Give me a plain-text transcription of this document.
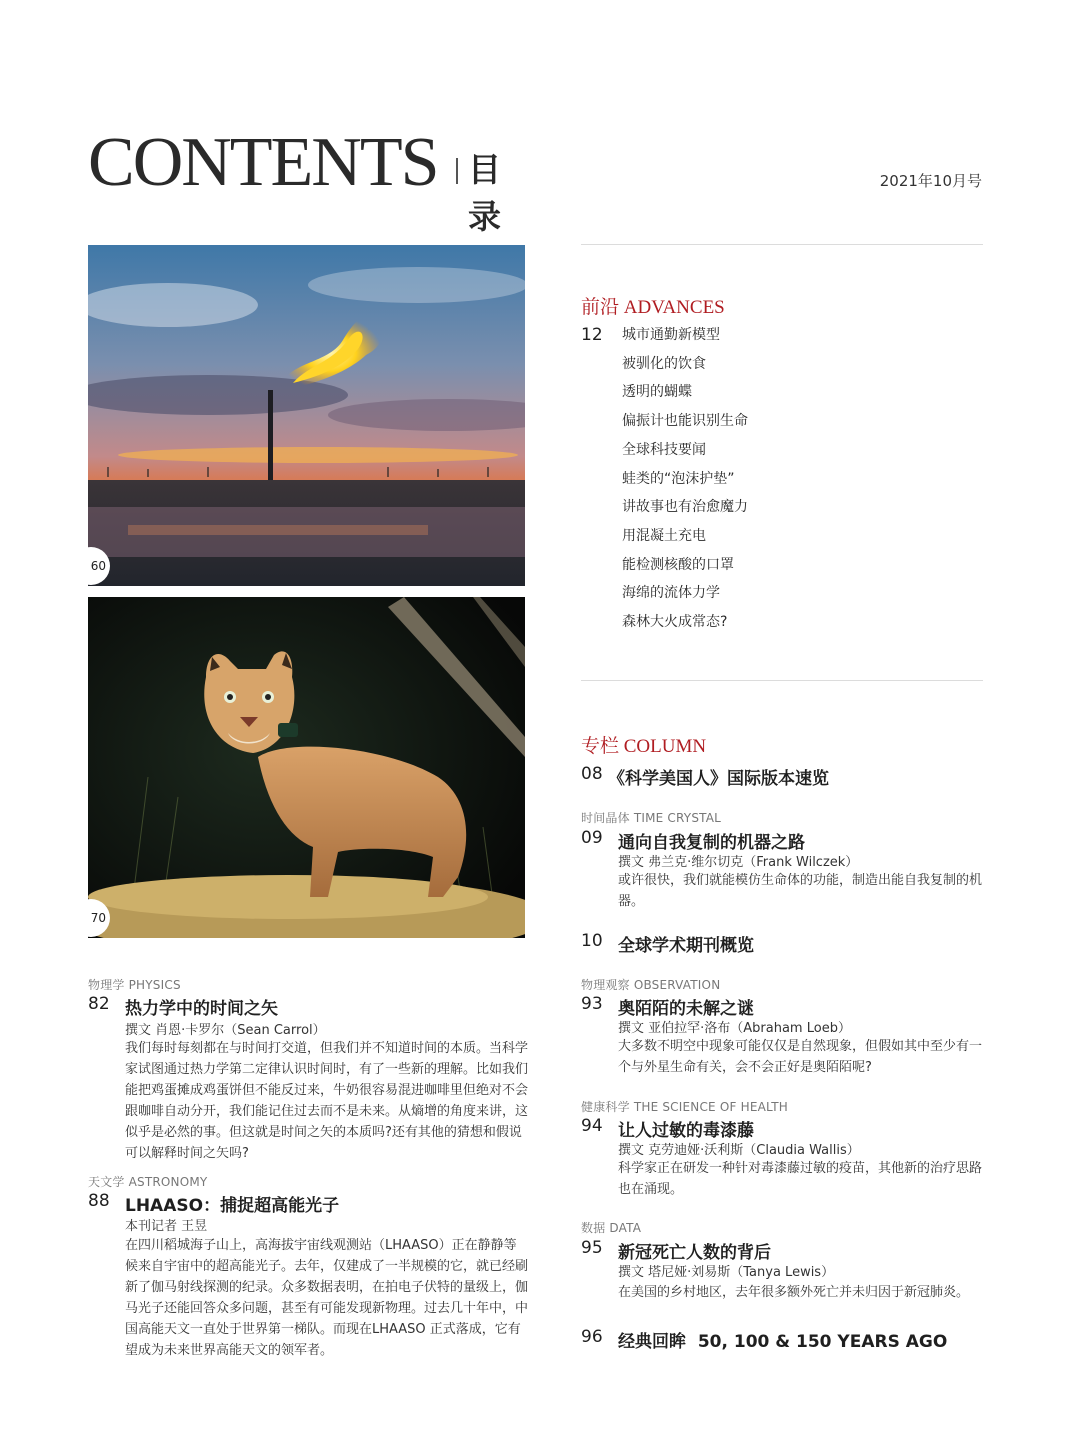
CONTENTS 目录
2021年10月号
60
70
前沿 ADVANCES
12 城市通勤新模型
被驯化的饮食
透明的蝴蝶
偏振计也能识别生命
全球科技要闻
蛙类的“泡沫护垫”
讲故事也有治愈魔力
用混凝土充电
能检测核酸的口罩
海绵的流体力学
森林大火成常态?
专栏 COLUMN
08 《科学美国人》国际版本速览
时间晶体 TIME CRYSTAL
09 通向自我复制的机器之路
撰文 弗兰克·维尔切克（Frank Wilczek）
或许很快，我们就能模仿生命体的功能，制造出能自我复制的机器。
10 全球学术期刊概览
物理观察 OBSERVATION
93 奥陌陌的未解之谜
撰文 亚伯拉罕·洛布（Abraham Loeb）
大多数不明空中现象可能仅仅是自然现象，但假如其中至少有一个与外星生命有关，会不会正好是奥陌陌呢?
健康科学 THE SCIENCE OF HEALTH
94 让人过敏的毒漆藤
撰文 克劳迪娅·沃利斯（Claudia Wallis）
科学家正在研发一种针对毒漆藤过敏的疫苗，其他新的治疗思路也在涌现。
数据 DATA
95 新冠死亡人数的背后
撰文 塔尼娅·刘易斯（Tanya Lewis）
在美国的乡村地区，去年很多额外死亡并未归因于新冠肺炎。
96 经典回眸  50, 100 & 150 YEARS AGO
物理学 PHYSICS
82 热力学中的时间之矢
撰文 肖恩·卡罗尔（Sean Carrol）
我们每时每刻都在与时间打交道，但我们并不知道时间的本质。当科学家试图通过热力学第二定律认识时间时，有了一些新的理解。比如我们能把鸡蛋摊成鸡蛋饼但不能反过来，牛奶很容易混进咖啡里但绝对不会跟咖啡自动分开，我们能记住过去而不是未来。从熵增的角度来讲，这似乎是必然的事。但这就是时间之矢的本质吗?还有其他的猜想和假说可以解释时间之矢吗?
天文学 ASTRONOMY
88 LHAASO：捕捉超高能光子
本刊记者 王昱
在四川稻城海子山上，高海拔宇宙线观测站（LHAASO）正在静静等候来自宇宙中的超高能光子。去年，仅建成了一半规模的它，就已经刷新了伽马射线探测的纪录。众多数据表明，在拍电子伏特的量级上，伽马光子还能回答众多问题，甚至有可能发现新物理。过去几十年中，中国高能天文一直处于世界第一梯队。而现在LHAASO 正式落成，它有望成为未来世界高能天文的领军者。
